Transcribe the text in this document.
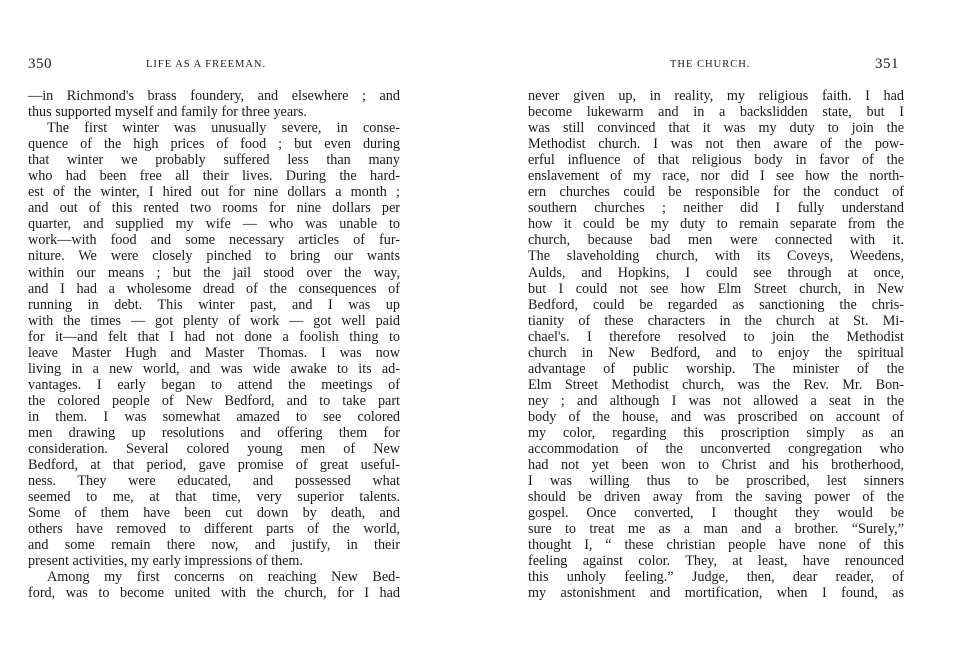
350	LIFE AS A FREEMAN.
—in Richmond's brass foundery, and elsewhere ; and
thus supported myself and family for three years.
The first winter was unusually severe, in conse-
quence of the high prices of food ; but even during
that winter we probably suffered less than many
who had been free all their lives. During the hard-
est of the winter, I hired out for nine dollars a month ;
and out of this rented two rooms for nine dollars per
quarter, and supplied my wife — who was unable to
work—with food and some necessary articles of fur-
niture. We were closely pinched to bring our wants
within our means ; but the jail stood over the way,
and I had a wholesome dread of the consequences of
running in debt. This winter past, and I was up
with the times — got plenty of work — got well paid
for it—and felt that I had not done a foolish thing to
leave Master Hugh and Master Thomas. I was now
living in a new world, and was wide awake to its ad-
vantages. I early began to attend the meetings of
the colored people of New Bedford, and to take part
in them. I was somewhat amazed to see colored
men drawing up resolutions and offering them for
consideration. Several colored young men of New
Bedford, at that period, gave promise of great useful-
ness. They were educated, and possessed what
seemed to me, at that time, very superior talents.
Some of them have been cut down by death, and
others have removed to different parts of the world,
and some remain there now, and justify, in their
present activities, my early impressions of them.
Among my first concerns on reaching New Bed-
ford, was to become united with the church, for I had
THE CHURCH.	351
never given up, in reality, my religious faith. I had
become lukewarm and in a backslidden state, but I
was still convinced that it was my duty to join the
Methodist church. I was not then aware of the pow-
erful influence of that religious body in favor of the
enslavement of my race, nor did I see how the north-
ern churches could be responsible for the conduct of
southern churches ; neither did I fully understand
how it could be my duty to remain separate from the
church, because bad men were connected with it.
The slaveholding church, with its Coveys, Weedens,
Aulds, and Hopkins, I could see through at once,
but I could not see how Elm Street church, in New
Bedford, could be regarded as sanctioning the chris-
tianity of these characters in the church at St. Mi-
chael's. I therefore resolved to join the Methodist
church in New Bedford, and to enjoy the spiritual
advantage of public worship. The minister of the
Elm Street Methodist church, was the Rev. Mr. Bon-
ney ; and although I was not allowed a seat in the
body of the house, and was proscribed on account of
my color, regarding this proscription simply as an
accommodation of the unconverted congregation who
had not yet been won to Christ and his brotherhood,
I was willing thus to be proscribed, lest sinners
should be driven away from the saving power of the
gospel. Once converted, I thought they would be
sure to treat me as a man and a brother. “Surely,”
thought I, “ these christian people have none of this
feeling against color. They, at least, have renounced
this unholy feeling.” Judge, then, dear reader, of
my astonishment and mortification, when I found, as
